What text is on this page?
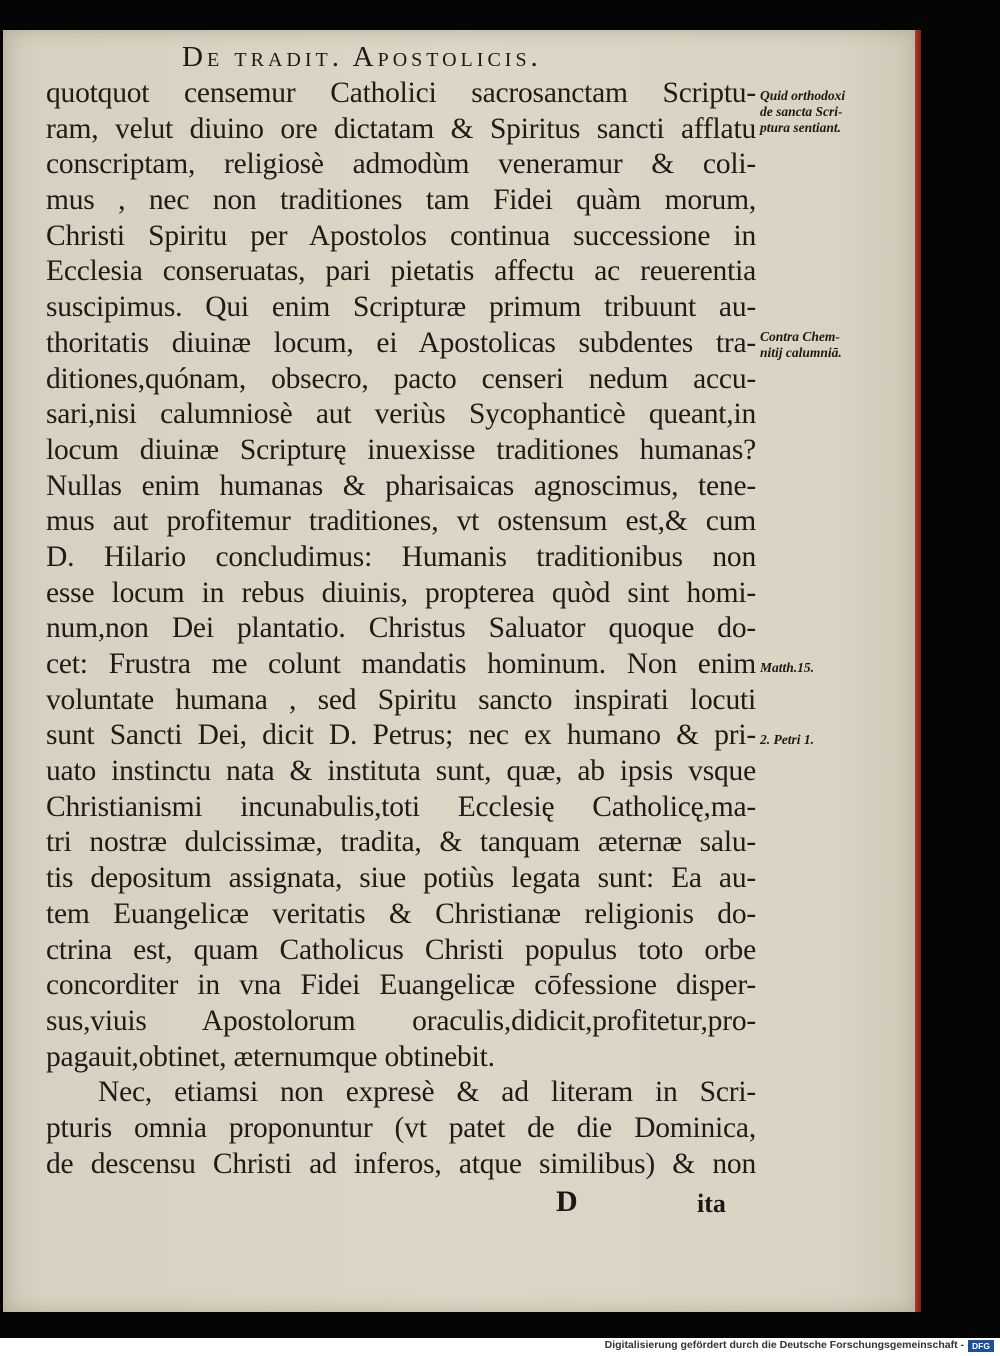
De tradit. Apostolicis.
quotquot censemur Catholici sacrosanctam Scriptu-
ram, velut diuino ore dictatam & Spiritus sancti afflatu
conscriptam, religiosè admodùm veneramur & coli-
mus , nec non traditiones tam Fidei quàm morum,
Christi Spiritu per Apostolos continua successione in
Ecclesia conseruatas, pari pietatis affectu ac reuerentia
suscipimus. Qui enim Scripturæ primum tribuunt au-
thoritatis diuinæ locum, ei Apostolicas subdentes tra-
ditiones,quónam, obsecro, pacto censeri nedum accu-
sari,nisi calumniosè aut veriùs Sycophanticè queant,in
locum diuinæ Scripturę inuexisse traditiones humanas?
Nullas enim humanas & pharisaicas agnoscimus, tene-
mus aut profitemur traditiones, vt ostensum est,& cum
D. Hilario concludimus: Humanis traditionibus non
esse locum in rebus diuinis, propterea quòd sint homi-
num,non Dei plantatio. Christus Saluator quoque do-
cet: Frustra me colunt mandatis hominum. Non enim
voluntate humana , sed Spiritu sancto inspirati locuti
sunt Sancti Dei, dicit D. Petrus; nec ex humano & pri-
uato instinctu nata & instituta sunt, quæ, ab ipsis vsque
Christianismi incunabulis,toti Ecclesię Catholicę,ma-
tri nostræ dulcissimæ, tradita, & tanquam æternæ salu-
tis depositum assignata, siue potiùs legata sunt: Ea au-
tem Euangelicæ veritatis & Christianæ religionis do-
ctrina est, quam Catholicus Christi populus toto orbe
concorditer in vna Fidei Euangelicæ cōfessione disper-
sus,viuis Apostolorum oraculis,didicit,profitetur,pro-
pagauit,obtinet, æternumque obtinebit.
Nec, etiamsi non expresè & ad literam in Scri-
pturis omnia proponuntur (vt patet de die Dominica,
de descensu Christi ad inferos, atque similibus) & non
Quid orthodoxi
de sancta Scri-
ptura sentiant.
Contra Chem-
nitij calumniā.
Matth.15.
2. Petri 1.
D	ita
Digitalisierung gefördert durch die Deutsche Forschungsgemeinschaft - DFG
